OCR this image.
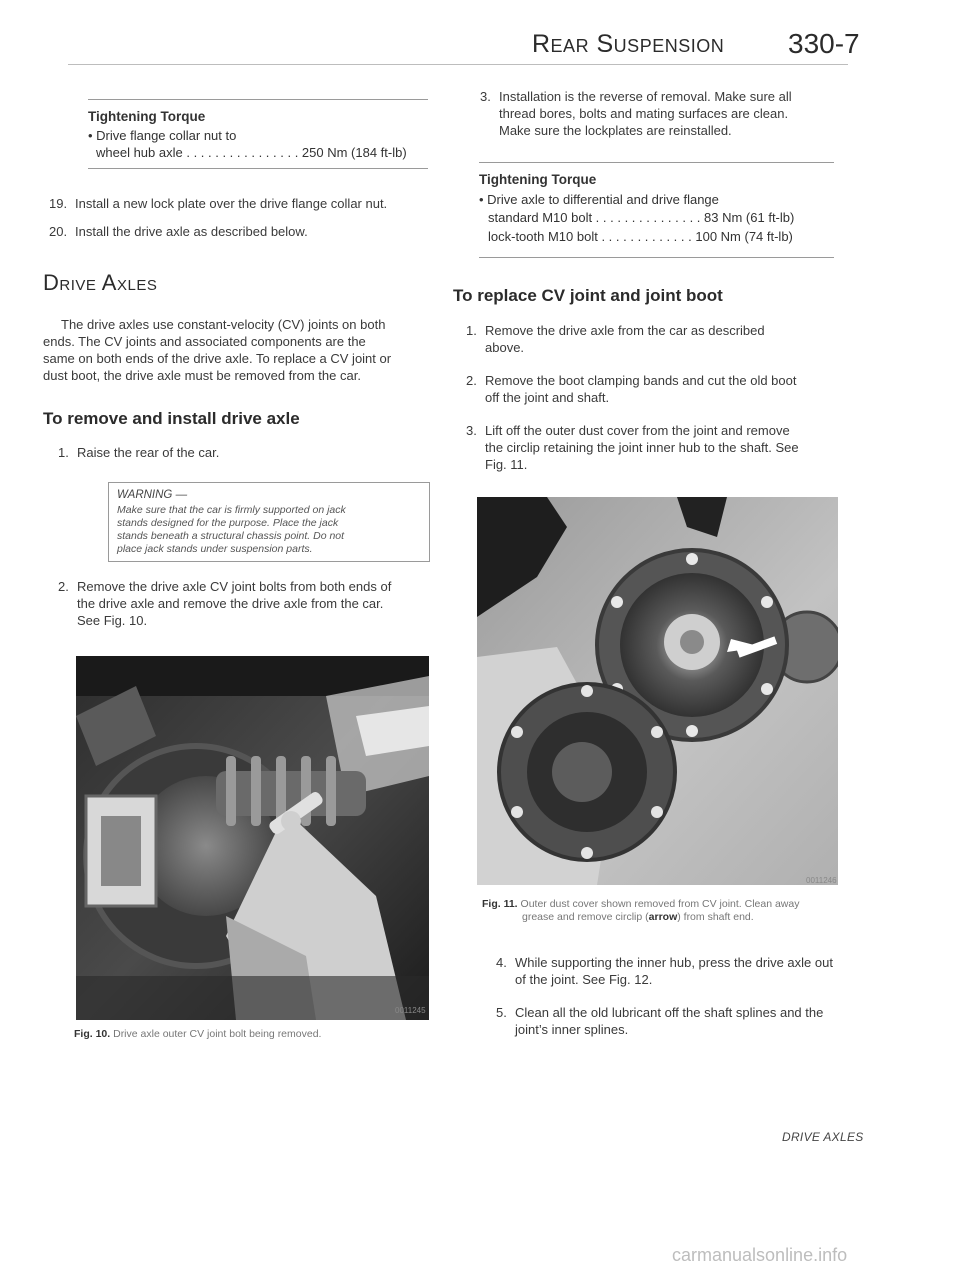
Rear Suspension 330-7
Tightening Torque
• Drive flange collar nut to
wheel hub axle . . . . . . . . . . . . . . . . 250 Nm (184 ft-lb)
19. Install a new lock plate over the drive flange collar nut.
20. Install the drive axle as described below.
Drive Axles
The drive axles use constant-velocity (CV) joints on both
ends. The CV joints and associated components are the
same on both ends of the drive axle. To replace a CV joint or
dust boot, the drive axle must be removed from the car.
To remove and install drive axle
1. Raise the rear of the car.
WARNING —
Make sure that the car is firmly supported on jack
stands designed for the purpose. Place the jack
stands beneath a structural chassis point. Do not
place jack stands under suspension parts.
2. Remove the drive axle CV joint bolts from both ends of
the drive axle and remove the drive axle from the car.
See Fig. 10.
0011245
Fig. 10. Drive axle outer CV joint bolt being removed.
3. Installation is the reverse of removal. Make sure all
thread bores, bolts and mating surfaces are clean.
Make sure the lockplates are reinstalled.
Tightening Torque
• Drive axle to differential and drive flange
standard M10 bolt . . . . . . . . . . . . . . . 83 Nm (61 ft-lb)
lock-tooth M10 bolt . . . . . . . . . . . . . 100 Nm (74 ft-lb)
To replace CV joint and joint boot
1. Remove the drive axle from the car as described
above.
2. Remove the boot clamping bands and cut the old boot
off the joint and shaft.
3. Lift off the outer dust cover from the joint and remove
the circlip retaining the joint inner hub to the shaft. See
Fig. 11.
0011246
Fig. 11. Outer dust cover shown removed from CV joint. Clean away
grease and remove circlip (arrow) from shaft end.
4. While supporting the inner hub, press the drive axle out
of the joint. See Fig. 12.
5. Clean all the old lubricant off the shaft splines and the
joint’s inner splines.
DRIVE AXLES
carmanualsonline.info
